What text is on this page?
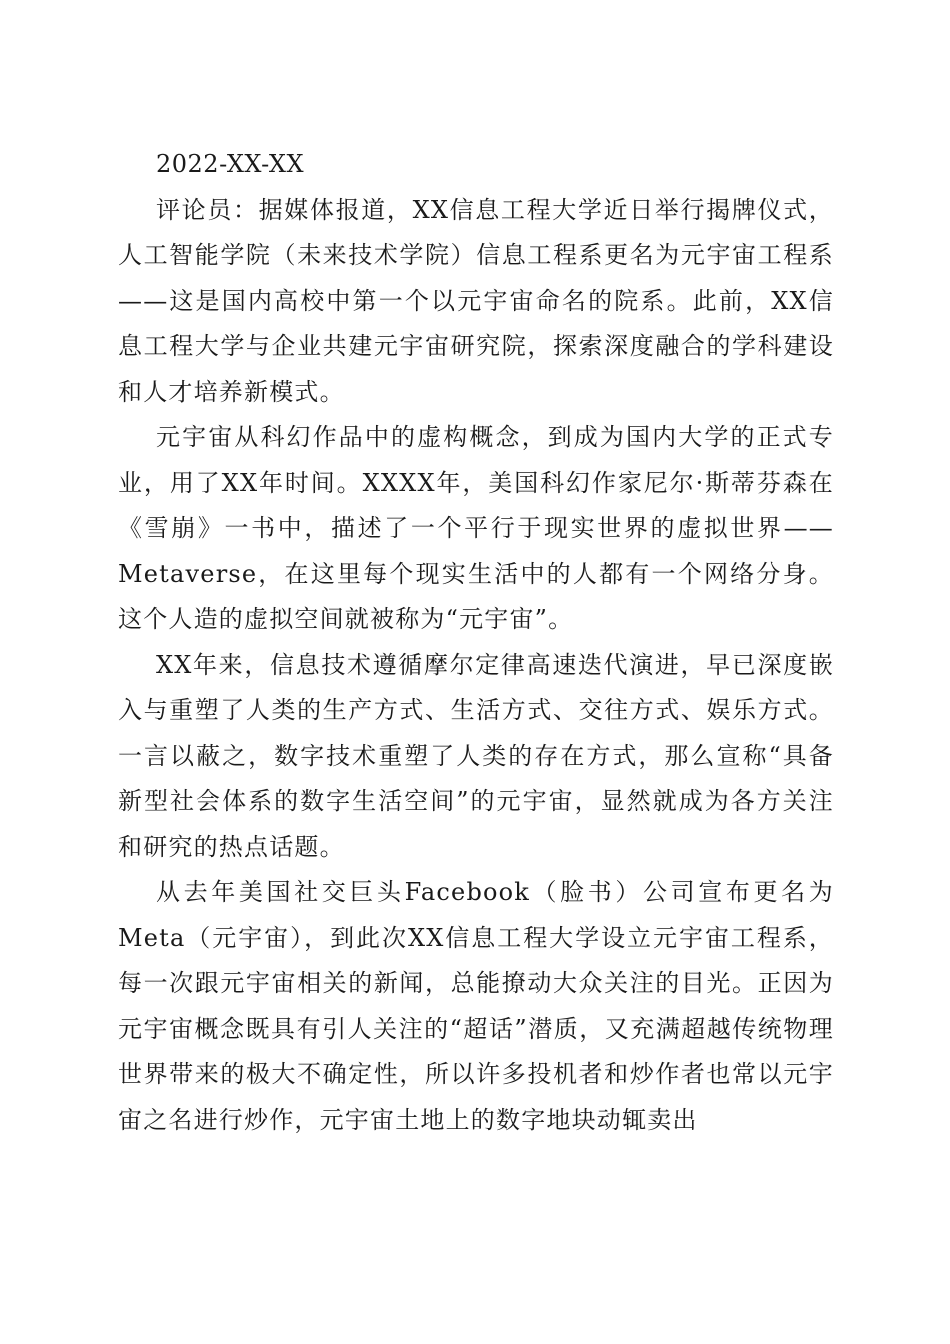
2022-XX-XX

评论员：据媒体报道，XX信息工程大学近日举行揭牌仪式，人工智能学院（未来技术学院）信息工程系更名为元宇宙工程系——这是国内高校中第一个以元宇宙命名的院系。此前，XX信息工程大学与企业共建元宇宙研究院，探索深度融合的学科建设和人才培养新模式。

元宇宙从科幻作品中的虚构概念，到成为国内大学的正式专业，用了XX年时间。XXXX年，美国科幻作家尼尔·斯蒂芬森在《雪崩》一书中，描述了一个平行于现实世界的虚拟世界——Metaverse，在这里每个现实生活中的人都有一个网络分身。这个人造的虚拟空间就被称为“元宇宙”。

XX年来，信息技术遵循摩尔定律高速迭代演进，早已深度嵌入与重塑了人类的生产方式、生活方式、交往方式、娱乐方式。一言以蔽之，数字技术重塑了人类的存在方式，那么宣称“具备新型社会体系的数字生活空间”的元宇宙，显然就成为各方关注和研究的热点话题。

从去年美国社交巨头Facebook（脸书）公司宣布更名为Meta（元宇宙），到此次XX信息工程大学设立元宇宙工程系，每一次跟元宇宙相关的新闻，总能撩动大众关注的目光。正因为元宇宙概念既具有引人关注的“超话”潜质，又充满超越传统物理世界带来的极大不确定性，所以许多投机者和炒作者也常以元宇宙之名进行炒作，元宇宙土地上的数字地块动辄卖出
